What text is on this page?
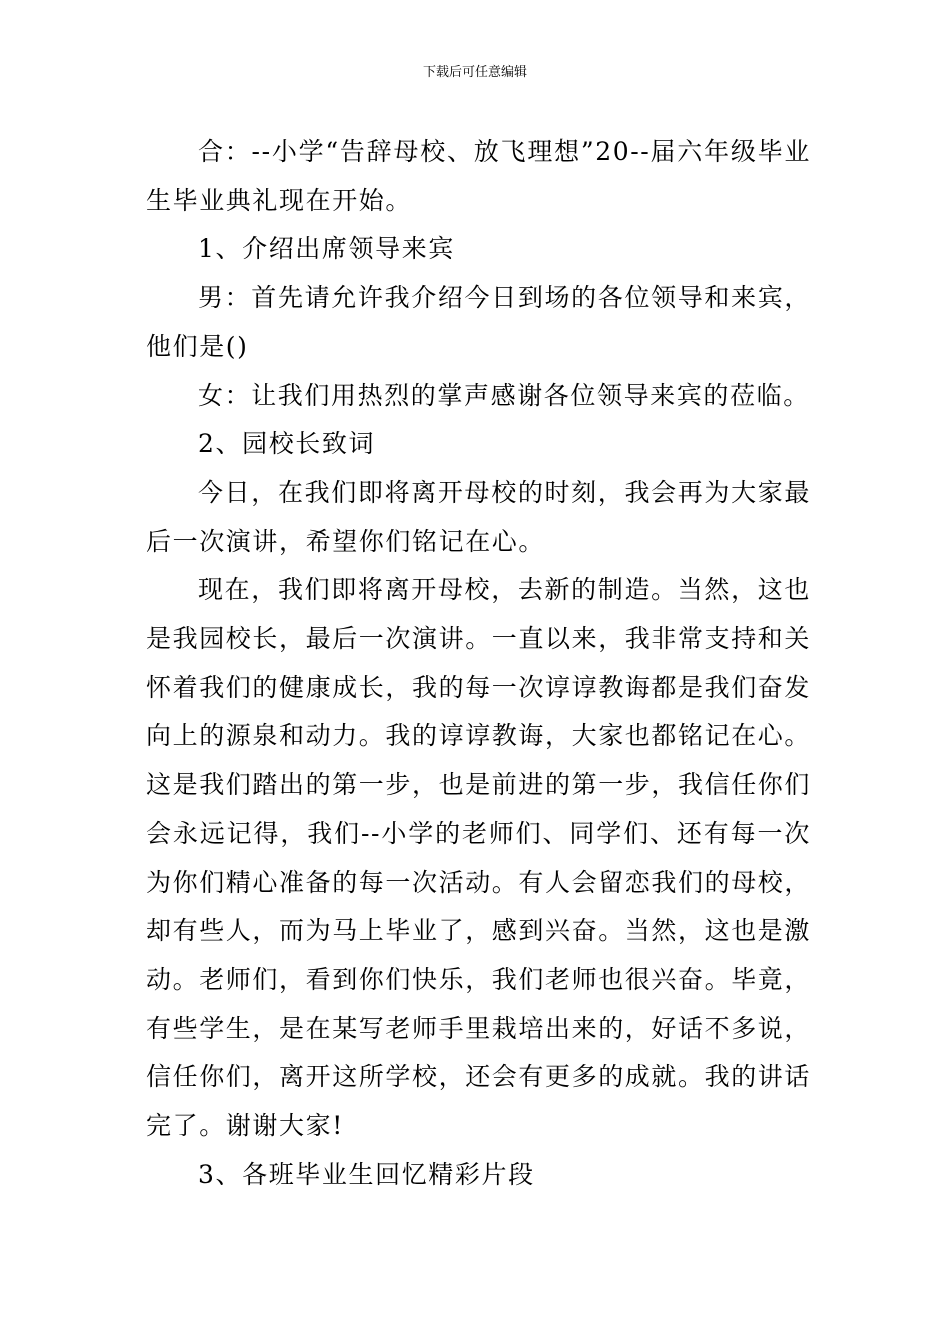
下载后可任意编辑

合：--小学“告辞母校、放飞理想”20--届六年级毕业生毕业典礼现在开始。

1、介绍出席领导来宾

男：首先请允许我介绍今日到场的各位领导和来宾，他们是()

女：让我们用热烈的掌声感谢各位领导来宾的莅临。

2、园校长致词

今日，在我们即将离开母校的时刻，我会再为大家最后一次演讲，希望你们铭记在心。

现在，我们即将离开母校，去新的制造。当然，这也是我园校长，最后一次演讲。一直以来，我非常支持和关怀着我们的健康成长，我的每一次谆谆教诲都是我们奋发向上的源泉和动力。我的谆谆教诲，大家也都铭记在心。这是我们踏出的第一步，也是前进的第一步，我信任你们会永远记得，我们--小学的老师们、同学们、还有每一次为你们精心准备的每一次活动。有人会留恋我们的母校，却有些人，而为马上毕业了，感到兴奋。当然，这也是激动。老师们，看到你们快乐，我们老师也很兴奋。毕竟，有些学生，是在某写老师手里栽培出来的，好话不多说，信任你们，离开这所学校，还会有更多的成就。我的讲话完了。谢谢大家!

3、各班毕业生回忆精彩片段
